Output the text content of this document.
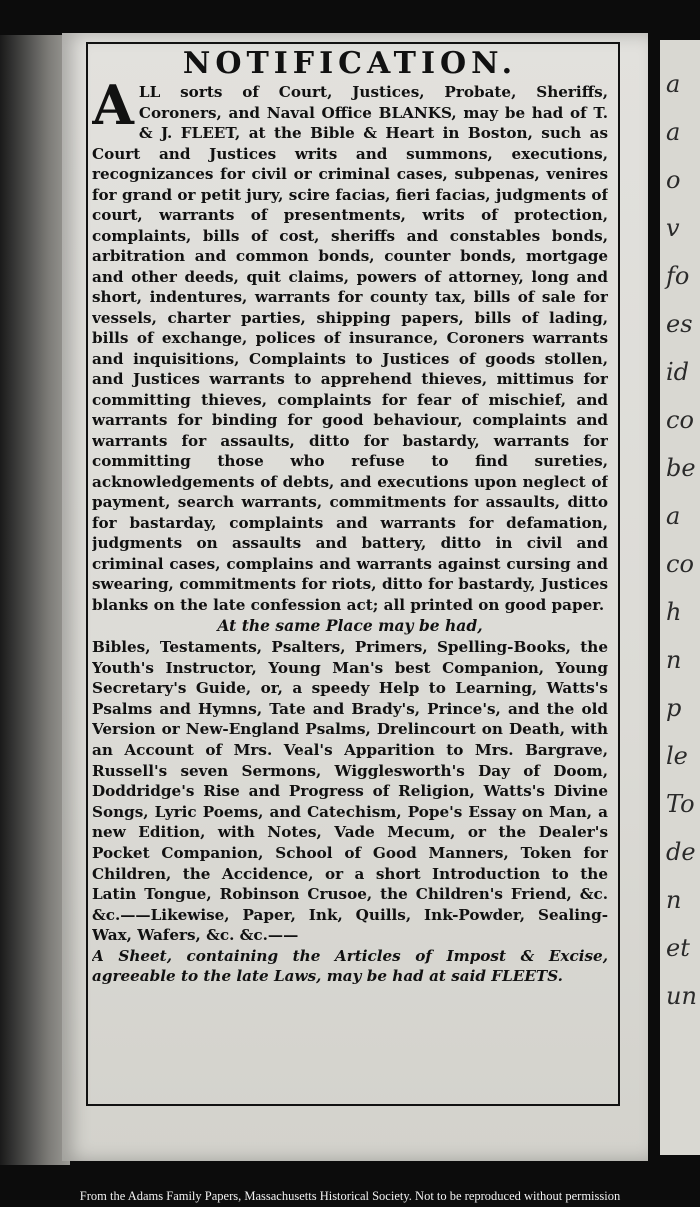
a
a
o
v
fo
es
id
co
be
a
co
h
n
p
le
To
de
n
et
un
NOTIFICATION.

ALL sorts of Court, Justices, Probate, Sheriffs, Coroners, and Naval Office BLANKS, may be had of T. & J. FLEET, at the Bible & Heart in Boston, such as Court and Justices writs and summons, executions, recognizances for civil or criminal cases, subpenas, venires for grand or petit jury, scire facias, fieri facias, judgments of court, warrants of presentments, writs of protection, complaints, bills of cost, sheriffs and constables bonds, arbitration and common bonds, counter bonds, mortgage and other deeds, quit claims, powers of attorney, long and short, indentures, warrants for county tax, bills of sale for vessels, charter parties, shipping papers, bills of lading, bills of exchange, polices of insurance, Coroners warrants and inquisitions, Complaints to Justices of goods stollen, and Justices warrants to apprehend thieves, mittimus for committing thieves, complaints for fear of mischief, and warrants for binding for good behaviour, complaints and warrants for assaults, ditto for bastardy, warrants for committing those who refuse to find sureties, acknowledgements of debts, and executions upon neglect of payment, search warrants, commitments for assaults, ditto for bastarday, complaints and warrants for defamation, judgments on assaults and battery, ditto in civil and criminal cases, complains and warrants against cursing and swearing, commitments for riots, ditto for bastardy, Justices blanks on the late confession act; all printed on good paper.

At the same Place may be had,

Bibles, Testaments, Psalters, Primers, Spelling-Books, the Youth's Instructor, Young Man's best Companion, Young Secretary's Guide, or, a speedy Help to Learning, Watts's Psalms and Hymns, Tate and Brady's, Prince's, and the old Version or New-England Psalms, Drelincourt on Death, with an Account of Mrs. Veal's Apparition to Mrs. Bargrave, Russell's seven Sermons, Wigglesworth's Day of Doom, Doddridge's Rise and Progress of Religion, Watts's Divine Songs, Lyric Poems, and Catechism, Pope's Essay on Man, a new Edition, with Notes, Vade Mecum, or the Dealer's Pocket Companion, School of Good Manners, Token for Children, the Accidence, or a short Introduction to the Latin Tongue, Robinson Crusoe, the Children's Friend, &c. &c.——Likewise, Paper, Ink, Quills, Ink-Powder, Sealing-Wax, Wafers, &c. &c.——

A Sheet, containing the Articles of Impost & Excise, agreeable to the late Laws, may be had at said FLEETS.

From the Adams Family Papers, Massachusetts Historical Society. Not to be reproduced without permission
